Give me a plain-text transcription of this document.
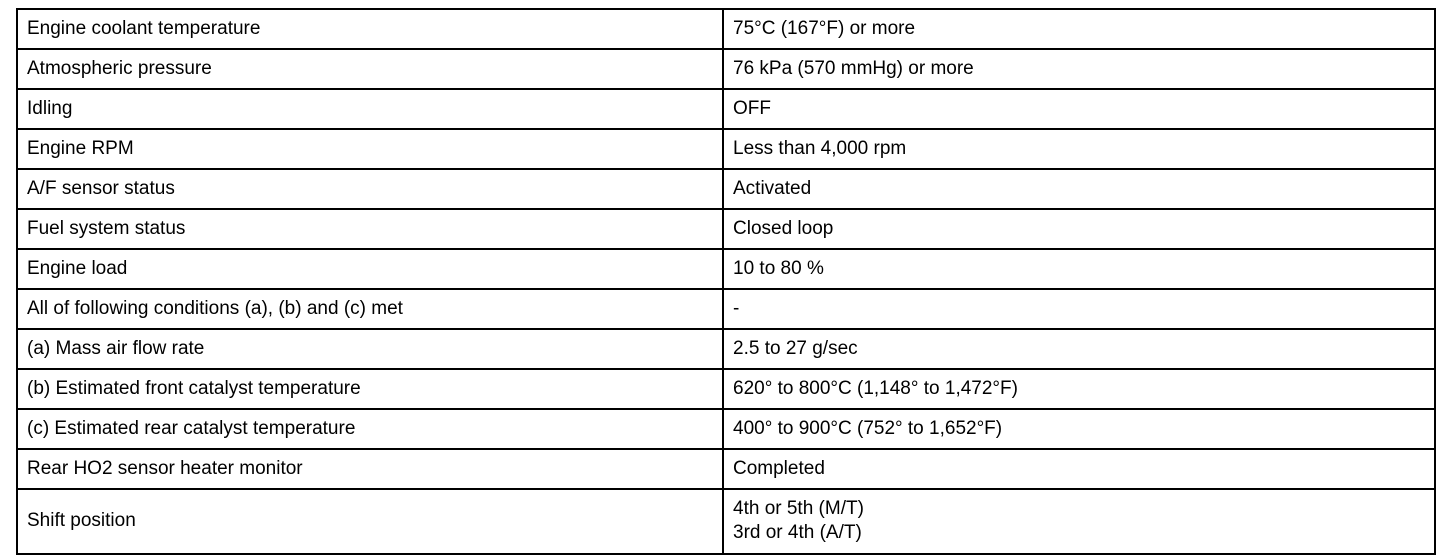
Engine coolant temperature	75°C (167°F) or more
Atmospheric pressure	76 kPa (570 mmHg) or more
Idling	OFF
Engine RPM	Less than 4,000 rpm
A/F sensor status	Activated
Fuel system status	Closed loop
Engine load	10 to 80 %
All of following conditions (a), (b) and (c) met	-
(a) Mass air flow rate	2.5 to 27 g/sec
(b) Estimated front catalyst temperature	620° to 800°C (1,148° to 1,472°F)
(c) Estimated rear catalyst temperature	400° to 900°C (752° to 1,652°F)
Rear HO2 sensor heater monitor	Completed
Shift position	4th or 5th (M/T)
3rd or 4th (A/T)
